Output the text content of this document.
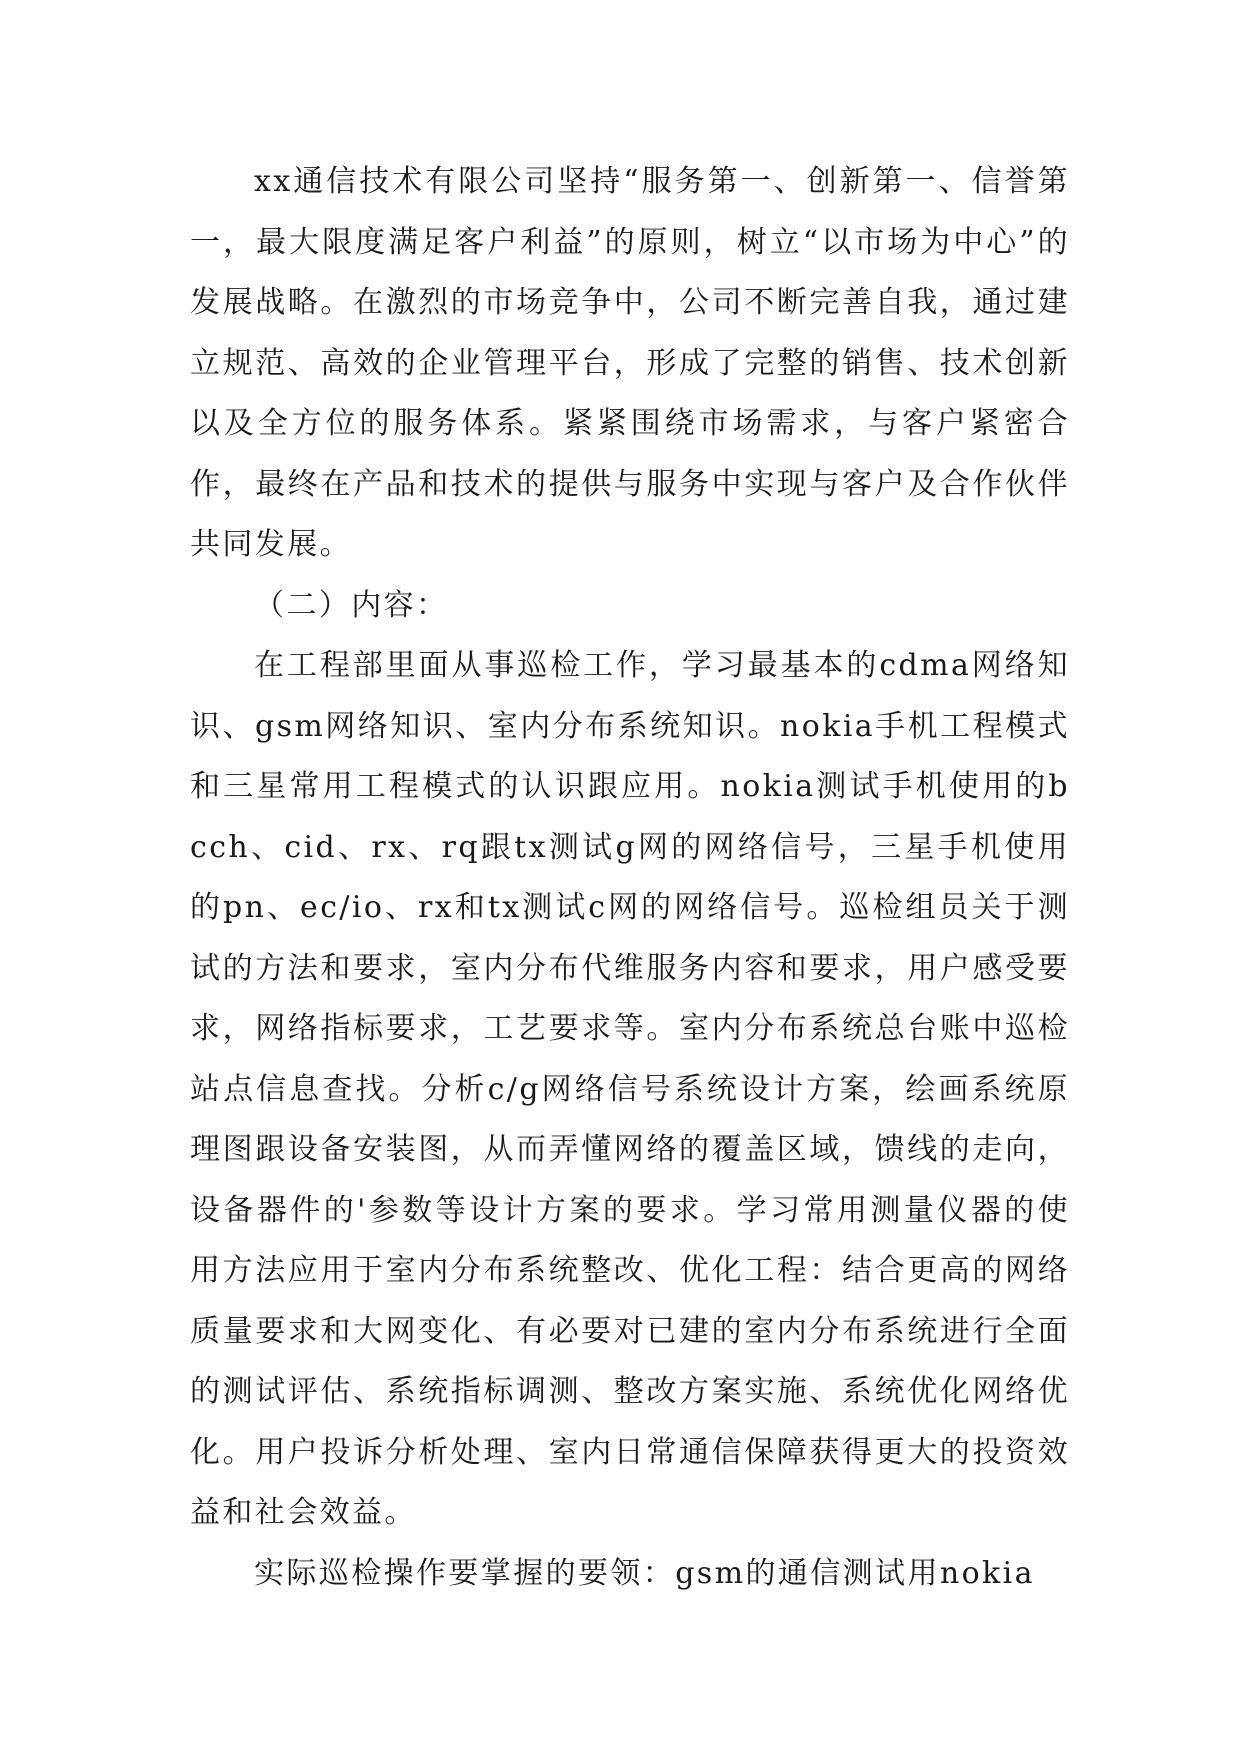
xx通信技术有限公司坚持“服务第一、创新第一、信誉第一，最大限度满足客户利益”的原则，树立“以市场为中心”的发展战略。在激烈的市场竞争中，公司不断完善自我，通过建立规范、高效的企业管理平台，形成了完整的销售、技术创新以及全方位的服务体系。紧紧围绕市场需求，与客户紧密合作，最终在产品和技术的提供与服务中实现与客户及合作伙伴共同发展。

（二）内容：

在工程部里面从事巡检工作，学习最基本的cdma网络知识、gsm网络知识、室内分布系统知识。nokia手机工程模式和三星常用工程模式的认识跟应用。nokia测试手机使用的bcch、cid、rx、rq跟tx测试g网的网络信号，三星手机使用的pn、ec/io、rx和tx测试c网的网络信号。巡检组员关于测试的方法和要求，室内分布代维服务内容和要求，用户感受要求，网络指标要求，工艺要求等。室内分布系统总台账中巡检站点信息查找。分析c/g网络信号系统设计方案，绘画系统原理图跟设备安装图，从而弄懂网络的覆盖区域，馈线的走向，设备器件的'参数等设计方案的要求。学习常用测量仪器的使用方法应用于室内分布系统整改、优化工程：结合更高的网络质量要求和大网变化、有必要对已建的室内分布系统进行全面的测试评估、系统指标调测、整改方案实施、系统优化网络优化。用户投诉分析处理、室内日常通信保障获得更大的投资效益和社会效益。

实际巡检操作要掌握的要领：gsm的通信测试用nokia
